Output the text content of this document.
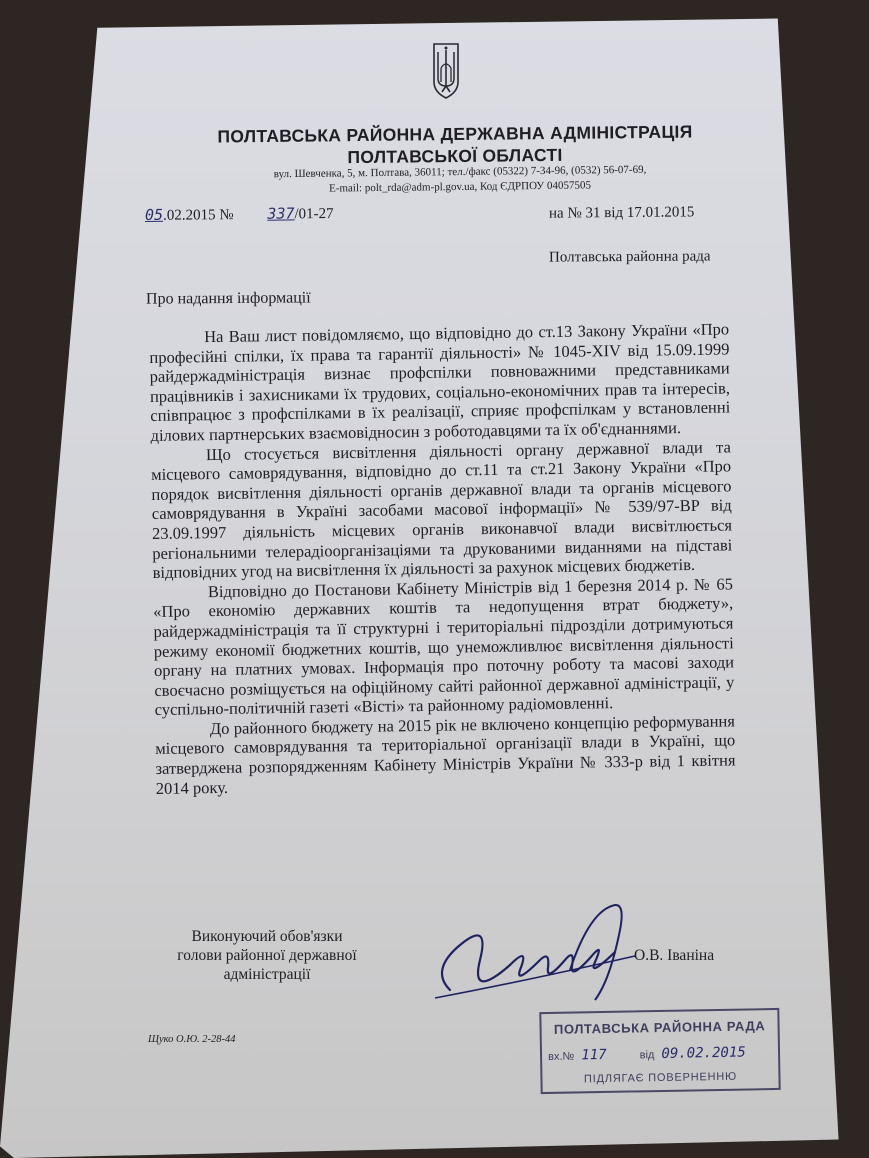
ПОЛТАВСЬКА РАЙОННА ДЕРЖАВНА АДМІНІСТРАЦІЯ
ПОЛТАВСЬКОЇ ОБЛАСТІ
вул. Шевченка, 5, м. Полтава, 36011; тел./факс (05322) 7-34-96, (0532) 56-07-69,
E-mail: polt_rda@adm-pl.gov.ua, Код ЄДРПОУ 04057505
05.02.2015 № 337/01-27	на № 31 від 17.01.2015
Полтавська районна рада
Про надання інформації

На Ваш лист повідомляємо, що відповідно до ст.13 Закону України «Про професійні спілки, їх права та гарантії діяльності» № 1045-XIV від 15.09.1999 райдержадміністрація визнає профспілки повноважними представниками працівників і захисниками їх трудових, соціально-економічних прав та інтересів, співпрацює з профспілками в їх реалізації, сприяє профспілкам у встановленні ділових партнерських взаємовідносин з роботодавцями та їх об'єднаннями.

Що стосується висвітлення діяльності органу державної влади та місцевого самоврядування, відповідно до ст.11 та ст.21 Закону України «Про порядок висвітлення діяльності органів державної влади та органів місцевого самоврядування в Україні засобами масової інформації» № 539/97-ВР від 23.09.1997 діяльність місцевих органів виконавчої влади висвітлюється регіональними телерадіоорганізаціями та друкованими виданнями на підставі відповідних угод на висвітлення їх діяльності за рахунок місцевих бюджетів.

Відповідно до Постанови Кабінету Міністрів від 1 березня 2014 р. № 65 «Про економію державних коштів та недопущення втрат бюджету», райдержадміністрація та її структурні і територіальні підрозділи дотримуються режиму економії бюджетних коштів, що унеможливлює висвітлення діяльності органу на платних умовах. Інформація про поточну роботу та масові заходи своєчасно розміщується на офіційному сайті районної державної адміністрації, у суспільно-політичній газеті «Вісті» та районному радіомовленні.

До районного бюджету на 2015 рік не включено концепцію реформування місцевого самоврядування та територіальної організації влади в Україні, що затверджена розпорядженням Кабінету Міністрів України № 333-р від 1 квітня 2014 року.

Виконуючий обов'язки
голови районної державної
адміністрації
О.В. Іваніна
Щуко О.Ю. 2-28-44
ПОЛТАВСЬКА РАЙОННА РАДА
вх.№ 117	від 09.02.2015
ПІДЛЯГАЄ ПОВЕРНЕННЮ
